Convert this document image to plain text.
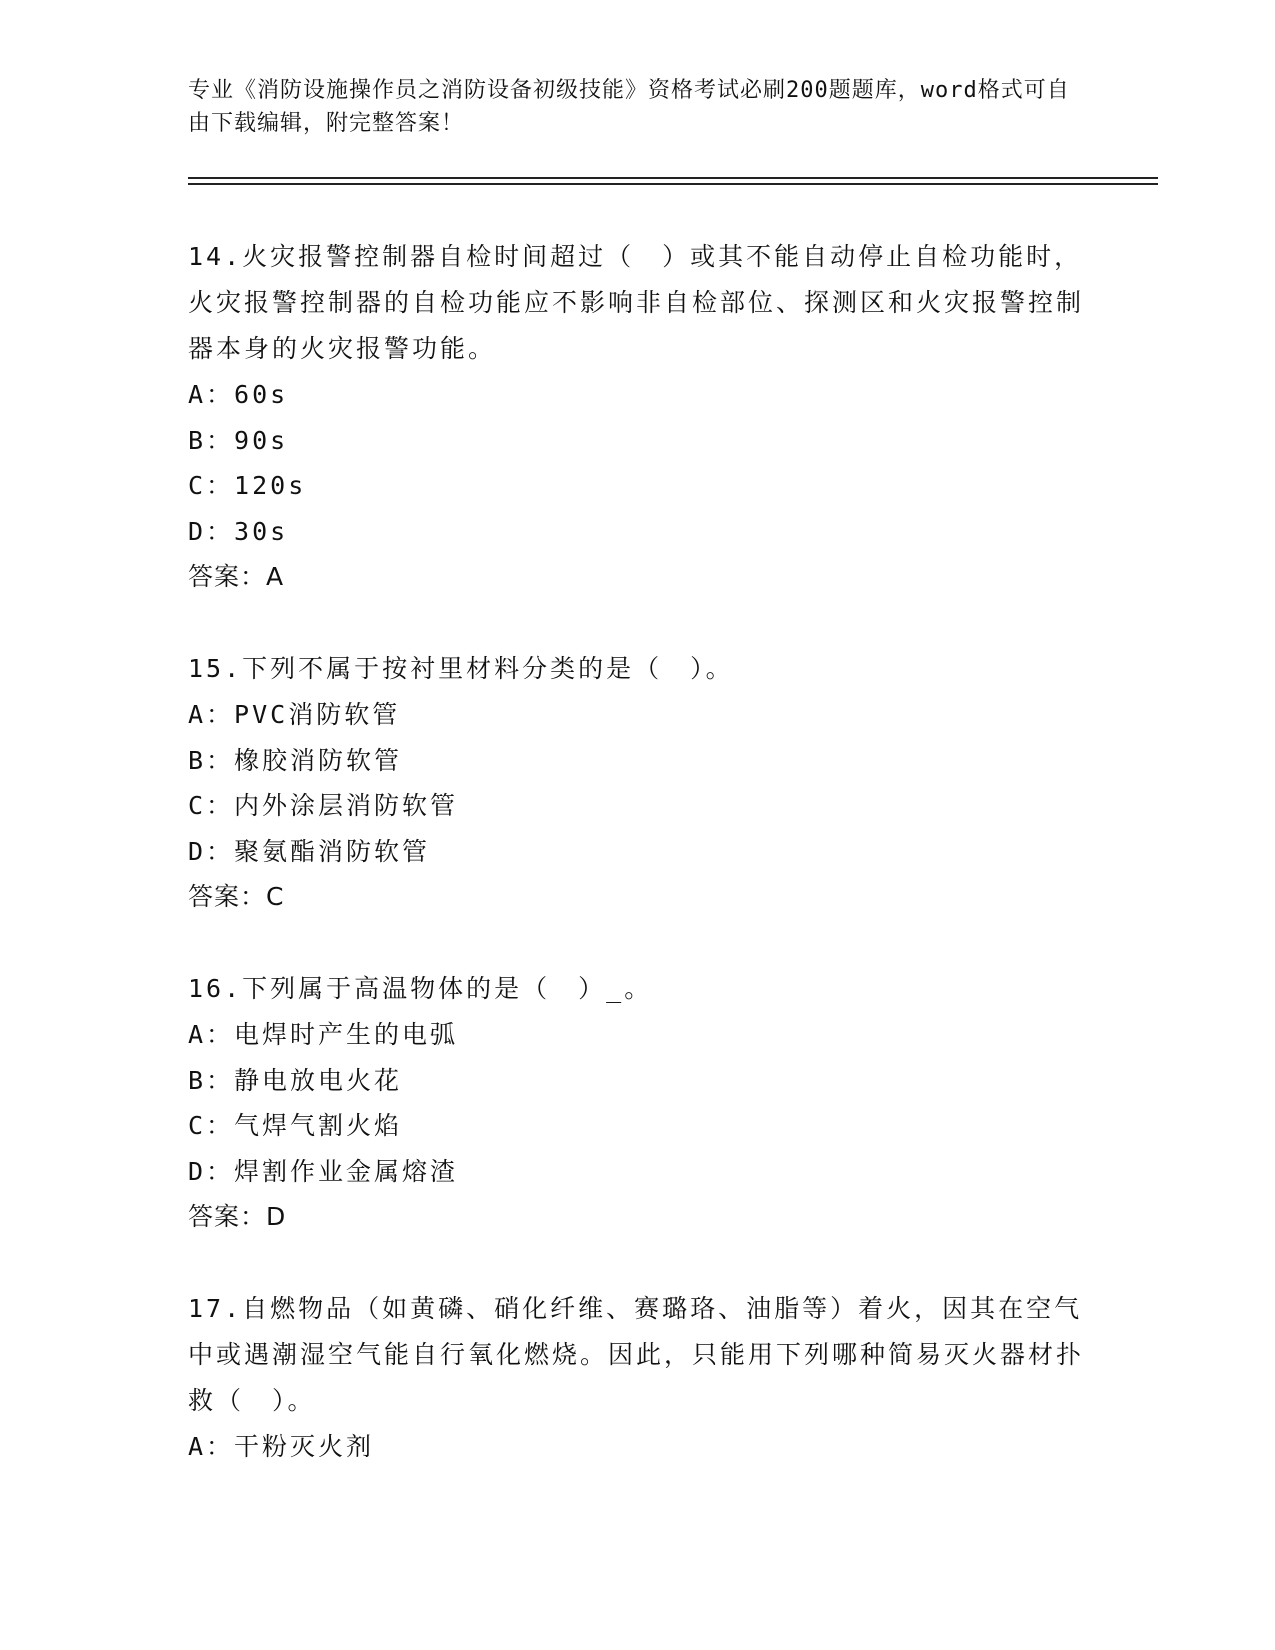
专业《消防设施操作员之消防设备初级技能》资格考试必刷200题题库，word格式可自由下载编辑，附完整答案！
14.火灾报警控制器自检时间超过（　）或其不能自动停止自检功能时，火灾报警控制器的自检功能应不影响非自检部位、探测区和火灾报警控制器本身的火灾报警功能。
A：60s
B：90s
C：120s
D：30s
答案：A
15.下列不属于按衬里材料分类的是（　）。
A：PVC消防软管
B：橡胶消防软管
C：内外涂层消防软管
D：聚氨酯消防软管
答案：C
16.下列属于高温物体的是（　）_。
A：电焊时产生的电弧
B：静电放电火花
C：气焊气割火焰
D：焊割作业金属熔渣
答案：D
17.自燃物品（如黄磷、硝化纤维、赛璐珞、油脂等）着火，因其在空气中或遇潮湿空气能自行氧化燃烧。因此，只能用下列哪种简易灭火器材扑救（　）。
A：干粉灭火剂
